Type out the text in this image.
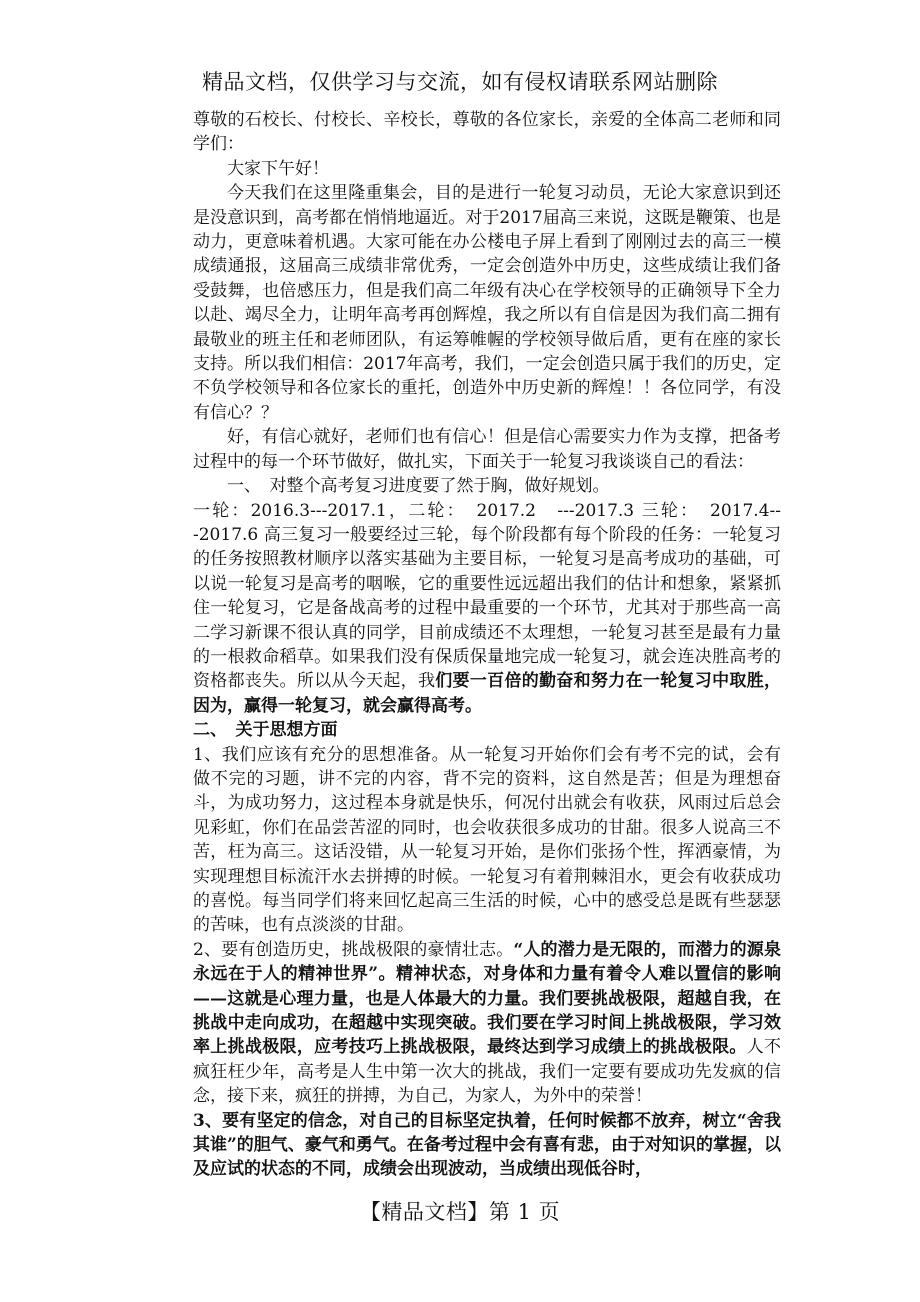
精品文档，仅供学习与交流，如有侵权请联系网站删除

尊敬的石校长、付校长、辛校长，尊敬的各位家长，亲爱的全体高二老师和同学们：

大家下午好！

今天我们在这里隆重集会，目的是进行一轮复习动员，无论大家意识到还是没意识到，高考都在悄悄地逼近。对于2017届高三来说，这既是鞭策、也是动力，更意味着机遇。大家可能在办公楼电子屏上看到了刚刚过去的高三一模成绩通报，这届高三成绩非常优秀，一定会创造外中历史，这些成绩让我们备受鼓舞，也倍感压力，但是我们高二年级有决心在学校领导的正确领导下全力以赴、竭尽全力，让明年高考再创辉煌，我之所以有自信是因为我们高二拥有最敬业的班主任和老师团队，有运筹帷幄的学校领导做后盾，更有在座的家长支持。所以我们相信：2017年高考，我们，一定会创造只属于我们的历史，定不负学校领导和各位家长的重托，创造外中历史新的辉煌！！各位同学，有没有信心？？

好，有信心就好，老师们也有信心！但是信心需要实力作为支撑，把备考过程中的每一个环节做好，做扎实，下面关于一轮复习我谈谈自己的看法：

一、　对整个高考复习进度要了然于胸，做好规划。

一轮：2016.3---2017.1，二轮：　2017.2　---2017.3 三轮：　2017.4---2017.6 高三复习一般要经过三轮，每个阶段都有每个阶段的任务：一轮复习的任务按照教材顺序以落实基础为主要目标，一轮复习是高考成功的基础，可以说一轮复习是高考的咽喉，它的重要性远远超出我们的估计和想象，紧紧抓住一轮复习，它是备战高考的过程中最重要的一个环节，尤其对于那些高一高二学习新课不很认真的同学，目前成绩还不太理想，一轮复习甚至是最有力量的一根救命稻草。如果我们没有保质保量地完成一轮复习，就会连决胜高考的资格都丧失。所以从今天起，我们要一百倍的勤奋和努力在一轮复习中取胜，因为，赢得一轮复习，就会赢得高考。

二、　关于思想方面

1、我们应该有充分的思想准备。从一轮复习开始你们会有考不完的试，会有做不完的习题，讲不完的内容，背不完的资料，这自然是苦；但是为理想奋斗，为成功努力，这过程本身就是快乐，何况付出就会有收获，风雨过后总会见彩虹，你们在品尝苦涩的同时，也会收获很多成功的甘甜。很多人说高三不苦，枉为高三。这话没错，从一轮复习开始，是你们张扬个性，挥洒豪情，为实现理想目标流汗水去拼搏的时候。一轮复习有着荆棘泪水，更会有收获成功的喜悦。每当同学们将来回忆起高三生活的时候，心中的感受总是既有些瑟瑟的苦味，也有点淡淡的甘甜。

2、要有创造历史，挑战极限的豪情壮志。“人的潜力是无限的，而潜力的源泉永远在于人的精神世界”。精神状态，对身体和力量有着令人难以置信的影响——这就是心理力量，也是人体最大的力量。我们要挑战极限，超越自我，在挑战中走向成功，在超越中实现突破。我们要在学习时间上挑战极限，学习效率上挑战极限，应考技巧上挑战极限，最终达到学习成绩上的挑战极限。人不疯狂枉少年，高考是人生中第一次大的挑战，我们一定要有要成功先发疯的信念，接下来，疯狂的拼搏，为自己，为家人，为外中的荣誉！

3、要有坚定的信念，对自己的目标坚定执着，任何时候都不放弃，树立“舍我其谁”的胆气、豪气和勇气。在备考过程中会有喜有悲，由于对知识的掌握，以及应试的状态的不同，成绩会出现波动，当成绩出现低谷时，

【精品文档】第 1 页
